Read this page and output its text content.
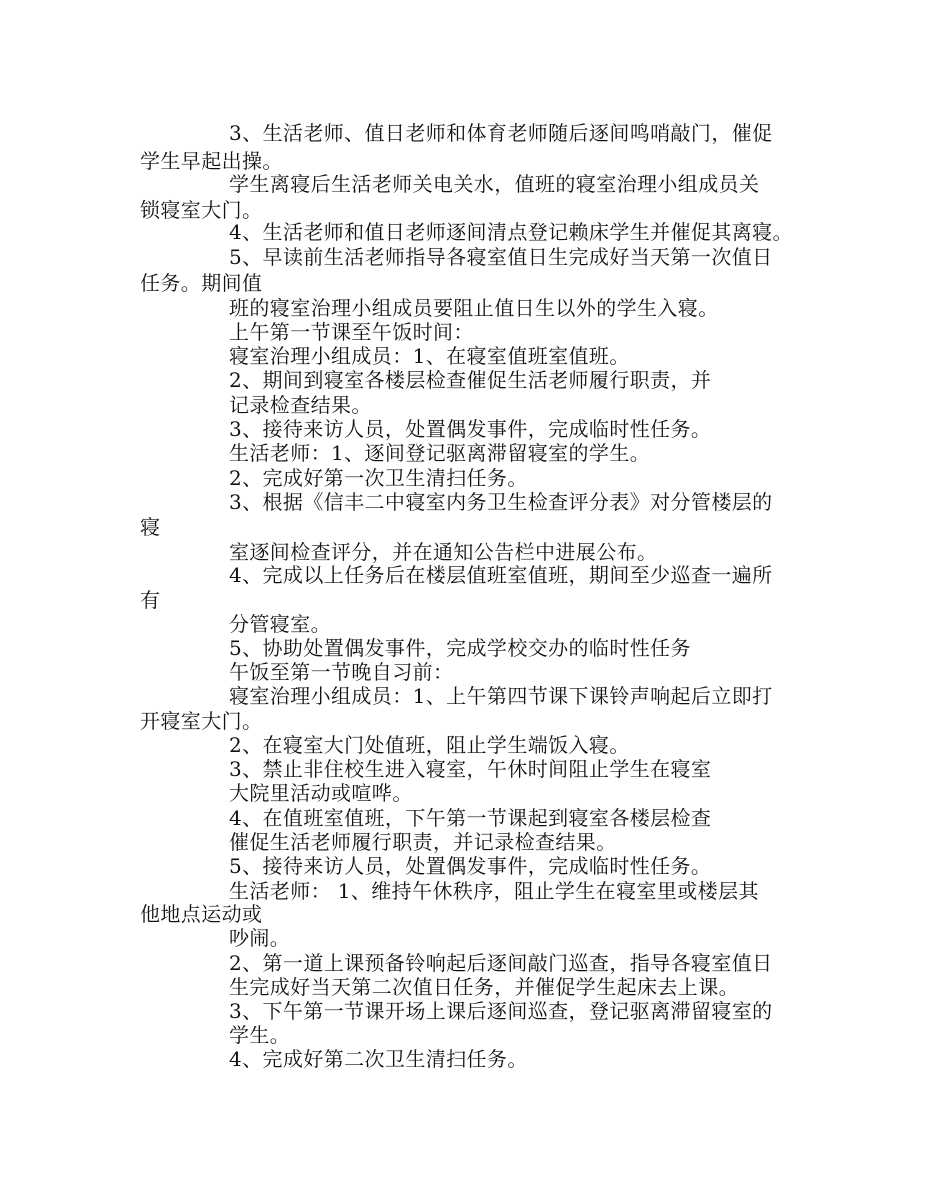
3、生活老师、值日老师和体育老师随后逐间鸣哨敲门，催促
学生早起出操。
学生离寝后生活老师关电关水，值班的寝室治理小组成员关
锁寝室大门。
4、生活老师和值日老师逐间清点登记赖床学生并催促其离寝。
5、早读前生活老师指导各寝室值日生完成好当天第一次值日
任务。期间值
班的寝室治理小组成员要阻止值日生以外的学生入寝。
上午第一节课至午饭时间：
寝室治理小组成员：1、在寝室值班室值班。
2、期间到寝室各楼层检查催促生活老师履行职责，并
记录检查结果。
3、接待来访人员，处置偶发事件，完成临时性任务。
生活老师：1、逐间登记驱离滞留寝室的学生。
2、完成好第一次卫生清扫任务。
3、根据《信丰二中寝室内务卫生检查评分表》对分管楼层的
寝
室逐间检查评分，并在通知公告栏中进展公布。
4、完成以上任务后在楼层值班室值班，期间至少巡查一遍所
有
分管寝室。
5、协助处置偶发事件，完成学校交办的临时性任务
午饭至第一节晚自习前：
寝室治理小组成员：1、上午第四节课下课铃声响起后立即打
开寝室大门。
2、在寝室大门处值班，阻止学生端饭入寝。
3、禁止非住校生进入寝室，午休时间阻止学生在寝室
大院里活动或喧哗。
4、在值班室值班，下午第一节课起到寝室各楼层检查
催促生活老师履行职责，并记录检查结果。
5、接待来访人员，处置偶发事件，完成临时性任务。
生活老师： 1、维持午休秩序，阻止学生在寝室里或楼层其
他地点运动或
吵闹。
2、第一道上课预备铃响起后逐间敲门巡查，指导各寝室值日
生完成好当天第二次值日任务，并催促学生起床去上课。
3、下午第一节课开场上课后逐间巡查，登记驱离滞留寝室的
学生。
4、完成好第二次卫生清扫任务。
